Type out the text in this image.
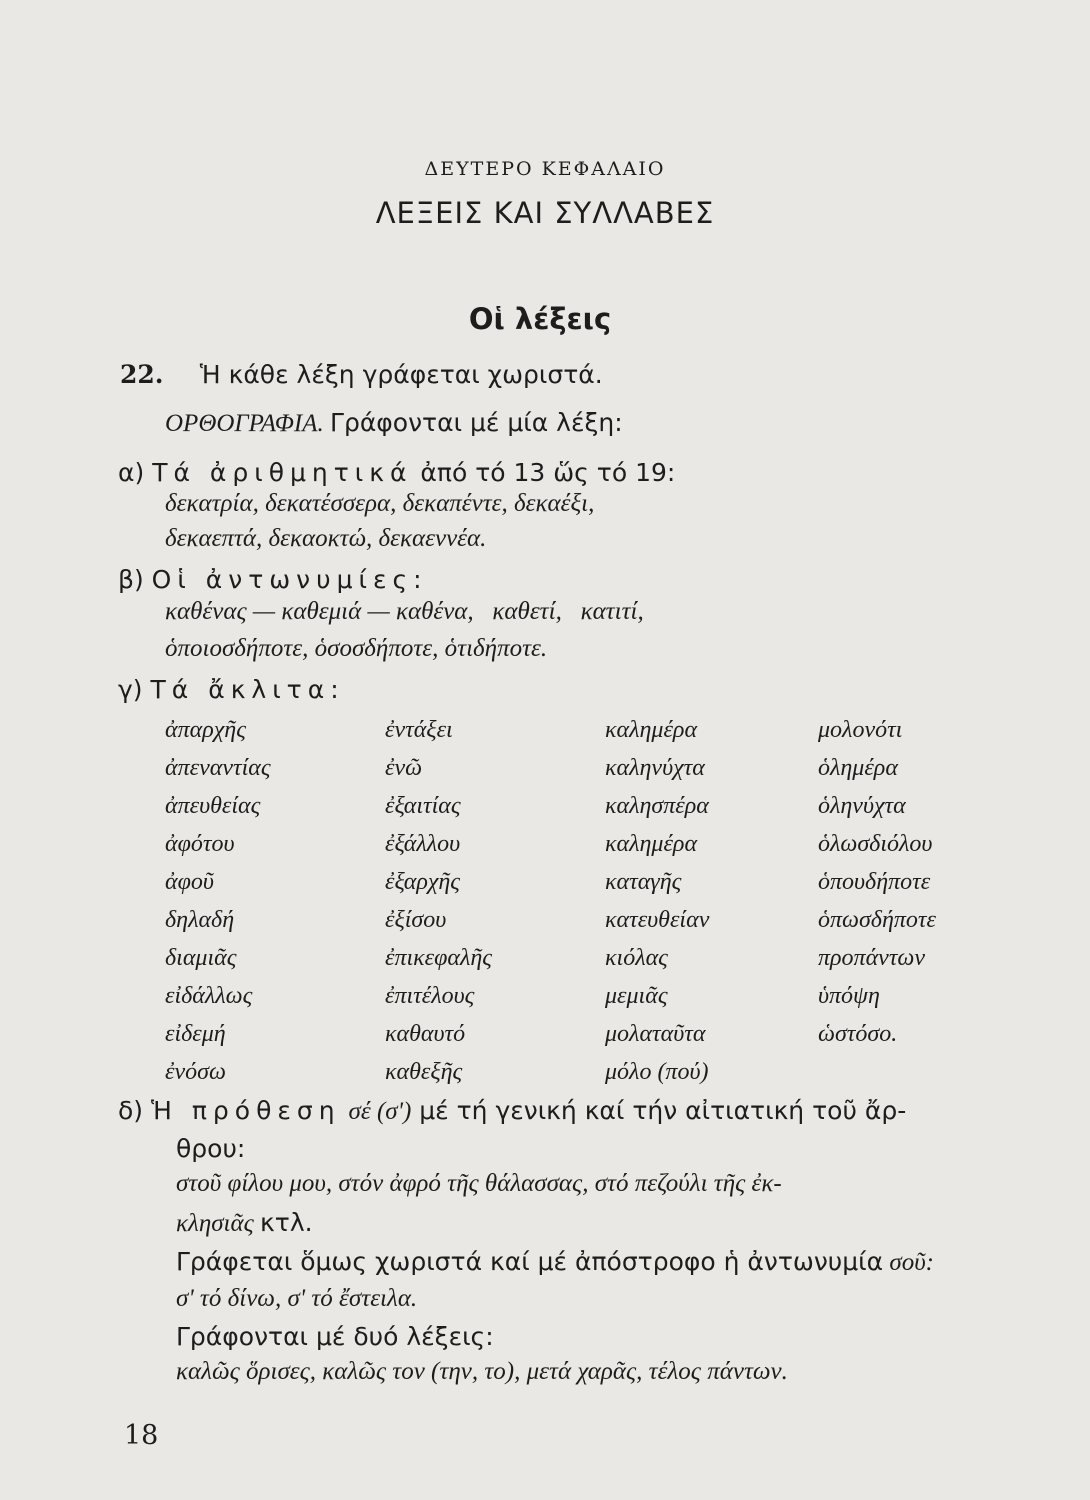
ΔΕΥΤΕΡΟ ΚΕΦΑΛΑΙΟ
ΛΕΞΕΙΣ ΚΑΙ ΣΥΛΛΑΒΕΣ
Οἱ λέξεις
22. Ἡ κάθε λέξη γράφεται χωριστά.
ΟΡΘΟΓΡΑΦΙΑ. Γράφονται μέ μία λέξη:
α) Τά ἀριθμητικά ἀπό τό 13 ὥς τό 19:
δεκατρία, δεκατέσσερα, δεκαπέντε, δεκαέξι,
δεκαεπτά, δεκαοκτώ, δεκαεννέα.
β) Οἱ ἀντωνυμίες:
καθένας — καθεμιά — καθένα,   καθετί,   κατιτί,
ὁποιοσδήποτε, ὁσοσδήποτε, ὁτιδήποτε.
γ) Τά ἄκλιτα:
ἀπαρχῆς
ἀπεναντίας
ἀπευθείας
ἀφότου
ἀφοῦ
δηλαδή
διαμιᾶς
εἰδάλλως
εἰδεμή
ἐνόσω
ἐντάξει
ἐνῶ
ἐξαιτίας
ἐξάλλου
ἐξαρχῆς
ἐξίσου
ἐπικεφαλῆς
ἐπιτέλους
καθαυτό
καθεξῆς
καλημέρα
καληνύχτα
καλησπέρα
καλημέρα
καταγῆς
κατευθείαν
κιόλας
μεμιᾶς
μολαταῦτα
μόλο (πού)
μολονότι
ὁλημέρα
ὁληνύχτα
ὁλωσδιόλου
ὁπουδήποτε
ὁπωσδήποτε
προπάντων
ὑπόψη
ὡστόσο.
δ) Ἡ πρόθεση σέ (σ') μέ τή γενική καί τήν αἰτιατική τοῦ ἄρ-
θρου:
στοῦ φίλου μου, στόν ἀφρό τῆς θάλασσας, στό πεζούλι τῆς ἐκ-
κλησιᾶς κτλ.
Γράφεται ὅμως χωριστά καί μέ ἀπόστροφο ἡ ἀντωνυμία σοῦ:
σ' τό δίνω, σ' τό ἔστειλα.
Γράφονται μέ δυό λέξεις:
καλῶς ὅρισες, καλῶς τον (την, το), μετά χαρᾶς, τέλος πάντων.
18
